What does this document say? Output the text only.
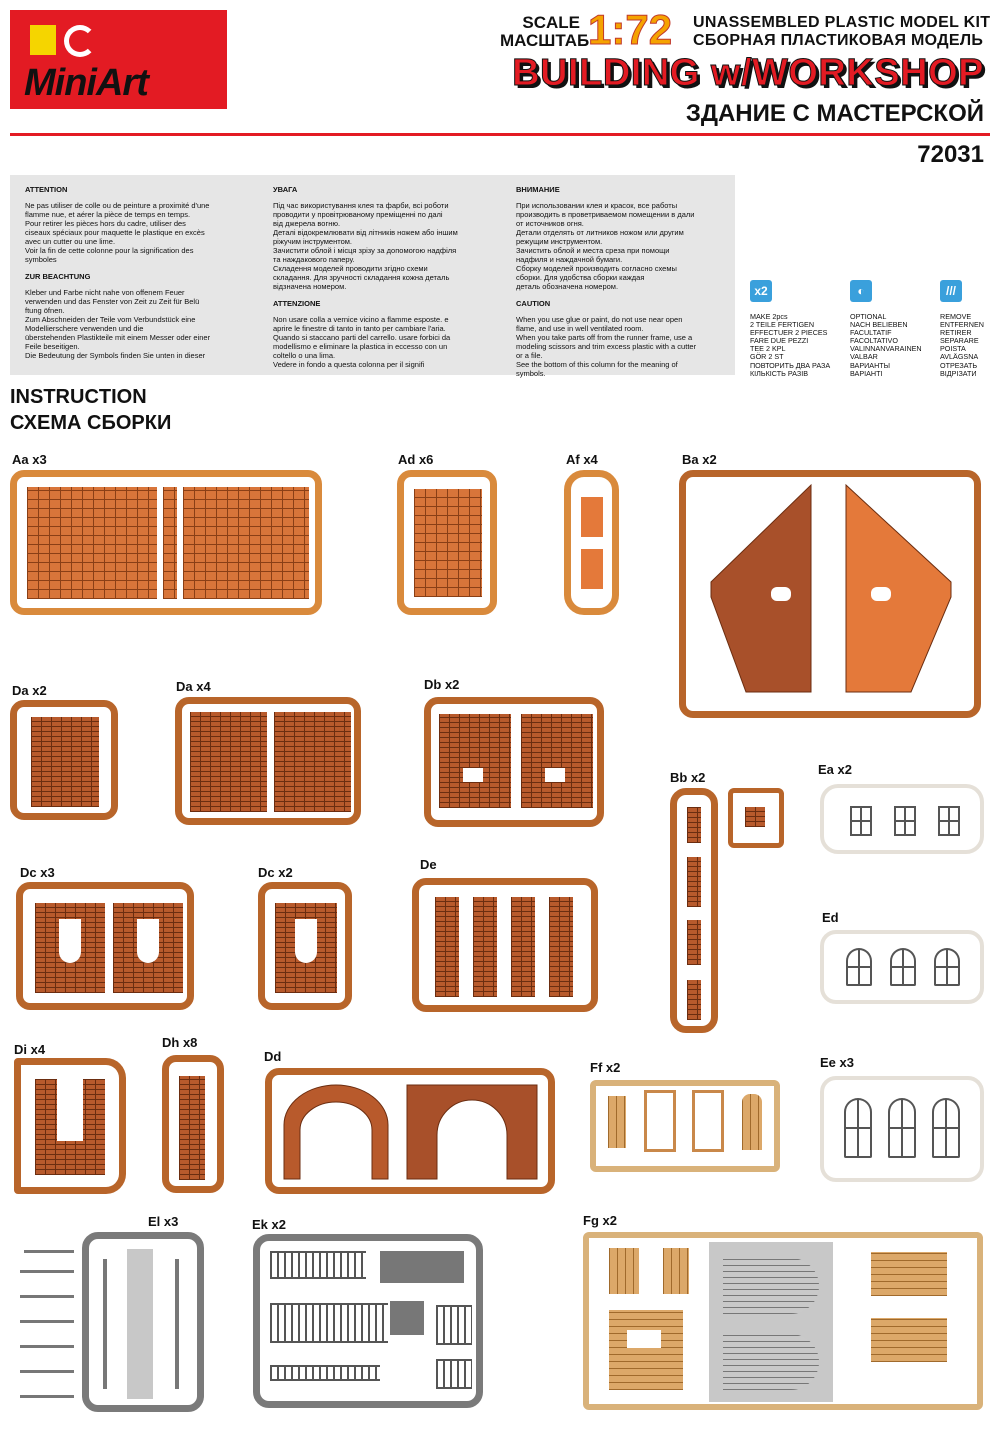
MiniArt
SCALE
МАСШТАБ
1:72 UNASSEMBLED PLASTIC MODEL KIT
СБОРНАЯ ПЛАСТИКОВАЯ МОДЕЛЬ
BUILDING w/WORKSHOP
ЗДАНИЕ С МАСТЕРСКОЙ
72031
ATTENTION
Ne pas utiliser de colle ou de peinture a proximité d'une
flamme nue, et aérer la pièce de temps en temps.
Pour retirer les pièces hors du cadre, utiliser des
ciseaux spéciaux pour maquette le plastique en excès
avec un cutter ou une lime.
Voir la fin de cette colonne pour la signification des
symboles
ZUR BEACHTUNG
Kleber und Farbe nicht nahe von offenem Feuer
verwenden und das Fenster von Zeit zu Zeit für Belü
ftung öfnen.
Zum Abschneiden der Teile vom Verbundstück eine
Modellierschere verwenden und die
überstehenden Plastikteile mit einem Messer oder einer
Feile beseitigen.
Die Bedeutung der Symbols finden Sie unten in dieser
УВАГА
Під час використування клея та фарби, всі роботи
проводити у провітрюваному преміщенні по далі
від джерела вогню.
Деталі відокремлювати від літників ножем або іншим
ріжучим інструментом.
Зачистити облой і місця зрізу за допомогою надфіля
та наждакового паперу.
Складення моделей проводити згідно схеми
складання. Для зручності складання кожна деталь
відзначена номером.
ATTENZIONE
Non usare colla a vernice vicino a flamme esposte. e
aprire le finestre di tanto in tanto per cambiare l'aria.
Quando si staccano parti del carrello. usare forbici da
modellismo e eliminare la plastica in eccesso con un
coltello o una lima.
Vedere in fondo a questa colonna per il signifi
ВНИМАНИЕ
При использовании клея и красок, все работы
производить в проветриваемом помещении в дали
от источников огня.
Детали отделять от литников ножом или другим
режущим инструментом.
Зачистить облой и места среза при помощи
надфиля и наждачной бумаги.
Сборку моделей производить согласно схемы
сборки. Для удобства сборки каждая
деталь обозначена номером.
CAUTION
When you use glue or paint, do not use near open
flame, and use in well ventilated room.
When you take parts off from the runner frame, use a
modeling scissors and trim excess plastic with a cutter
or a file.
See the bottom of this column for the meaning of
symbols.
x2
MAKE 2pcs
2 TEILE FERTIGEN
EFFECTUER 2 PIECES
FARE DUE PEZZI
TEE 2 KPL
GÖR 2 ST
ПОВТОРИТЬ ДВА РАЗА
КІЛЬКІСТЬ РАЗІВ
◐
OPTIONAL
NACH BELIEBEN
FACULTATIF
FACOLTATIVO
VALINNANVARAINEN
VALBAR
ВАРИАНТЫ
ВАРІАНТІ
///
REMOVE
ENTFERNEN
RETIRER
SEPARARE
POISTA
AVLÄGSNA
ОТРЕЗАТЬ
ВІДРІЗАТИ
INSTRUCTION
СХЕМА СБОРКИ
Aa x3	Ad x6	Af x4	Ba x2
Da x2	Da x4	Db x2
Bb x2
Ea x2
Dc x3	Dc x2
De
Ed
Di x4	Dh x8
Dd
Ff x2	Ee x3
El x3	Ek x2	Fg x2
